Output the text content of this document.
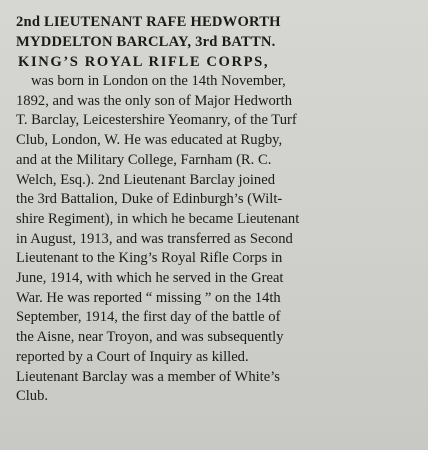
2nd LIEUTENANT RAFE HEDWORTH
MYDDELTON BARCLAY, 3rd BATTN.
KING’S ROYAL RIFLE CORPS,

was born in London on the 14th November,
1892, and was the only son of Major Hedworth
T. Barclay, Leicestershire Yeomanry, of the Turf
Club, London, W. He was educated at Rugby,
and at the Military College, Farnham (R. C.
Welch, Esq.). 2nd Lieutenant Barclay joined
the 3rd Battalion, Duke of Edinburgh’s (Wilt-
shire Regiment), in which he became Lieutenant
in August, 1913, and was transferred as Second
Lieutenant to the King’s Royal Rifle Corps in
June, 1914, with which he served in the Great
War. He was reported “ missing ” on the 14th
September, 1914, the first day of the battle of
the Aisne, near Troyon, and was subsequently
reported by a Court of Inquiry as killed.
Lieutenant Barclay was a member of White’s
Club.
